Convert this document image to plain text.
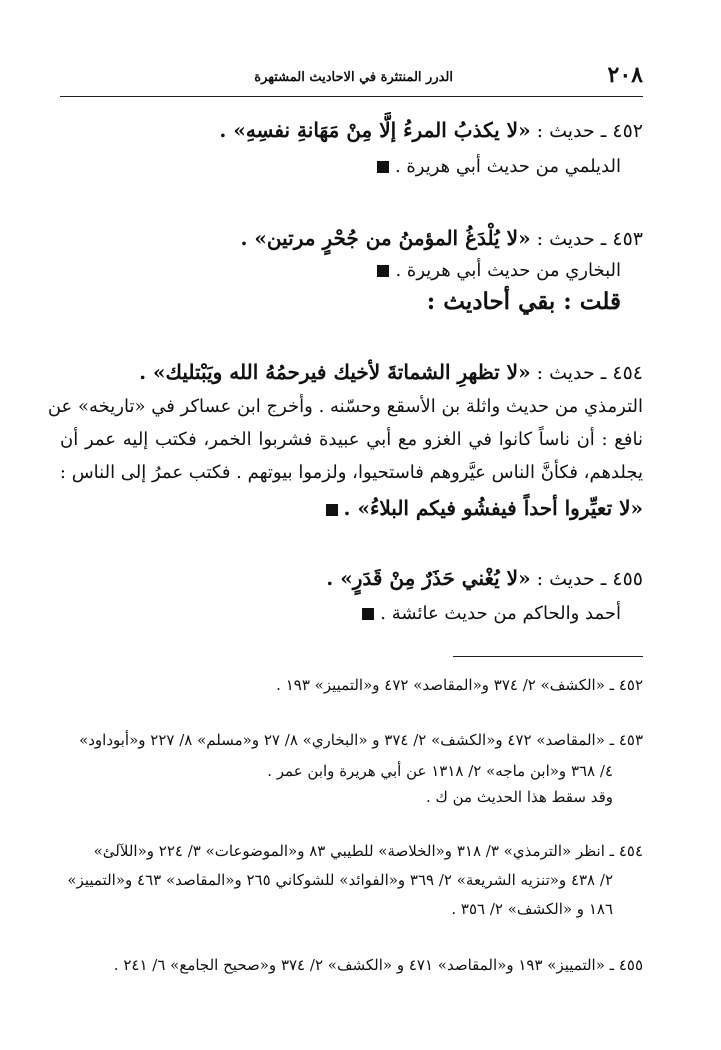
٢٠٨
الدرر المنتثرة في الاحاديث المشتهرة
٤٥٢ ـ حديث : «لا يكذبُ المرءُ إلَّا مِنْ مَهَانةِ نفسِهِ» .
الديلمي من حديث أبي هريرة .
٤٥٣ ـ حديث : «لا يُلْدَغُ المؤمنُ من جُحْرٍ مرتين» .
البخاري من حديث أبي هريرة .
قلت : بقي أحاديث :
٤٥٤ ـ حديث : «لا تظهرِ الشماتةَ لأخيك فيرحمُهُ الله ويَبْتليك» .
الترمذي من حديث واثلة بن الأسقع وحسّنه . وأخرج ابن عساكر في «تاريخه» عن
نافع : أن ناساً كانوا في الغزو مع أبي عبيدة فشربوا الخمر، فكتب إليه عمر أن
يجلدهم، فكأنَّ الناس عيَّروهم فاستحيوا، ولزموا بيوتهم . فكتب عمرُ إلى الناس :
«لا تعيِّروا أحداً فيفشُو فيكم البلاءُ» .
٤٥٥ ـ حديث : «لا يُغْني حَذَرٌ مِنْ قَدَرٍ» .
أحمد والحاكم من حديث عائشة .
٤٥٢ ـ «الكشف» ٢/ ٣٧٤ و«المقاصد» ٤٧٢ و«التمييز» ١٩٣ .
٤٥٣ ـ «المقاصد» ٤٧٢ و«الكشف» ٢/ ٣٧٤ و «البخاري» ٨/ ٢٧ و«مسلم» ٨/ ٢٢٧ و«أبوداود»
٤/ ٣٦٨ و«ابن ماجه» ٢/ ١٣١٨ عن أبي هريرة وابن عمر .
وقد سقط هذا الحديث من ك .
٤٥٤ ـ انظر «الترمذي» ٣/ ٣١٨ و«الخلاصة» للطيبي ٨٣ و«الموضوعات» ٣/ ٢٢٤ و«اللآلئ»
٢/ ٤٣٨ و«تنزيه الشريعة» ٢/ ٣٦٩ و«الفوائد» للشوكاني ٢٦٥ و«المقاصد» ٤٦٣ و«التمييز»
١٨٦ و «الكشف» ٢/ ٣٥٦ .
٤٥٥ ـ «التمييز» ١٩٣ و«المقاصد» ٤٧١ و «الكشف» ٢/ ٣٧٤ و«صحيح الجامع» ٦/ ٢٤١ .
